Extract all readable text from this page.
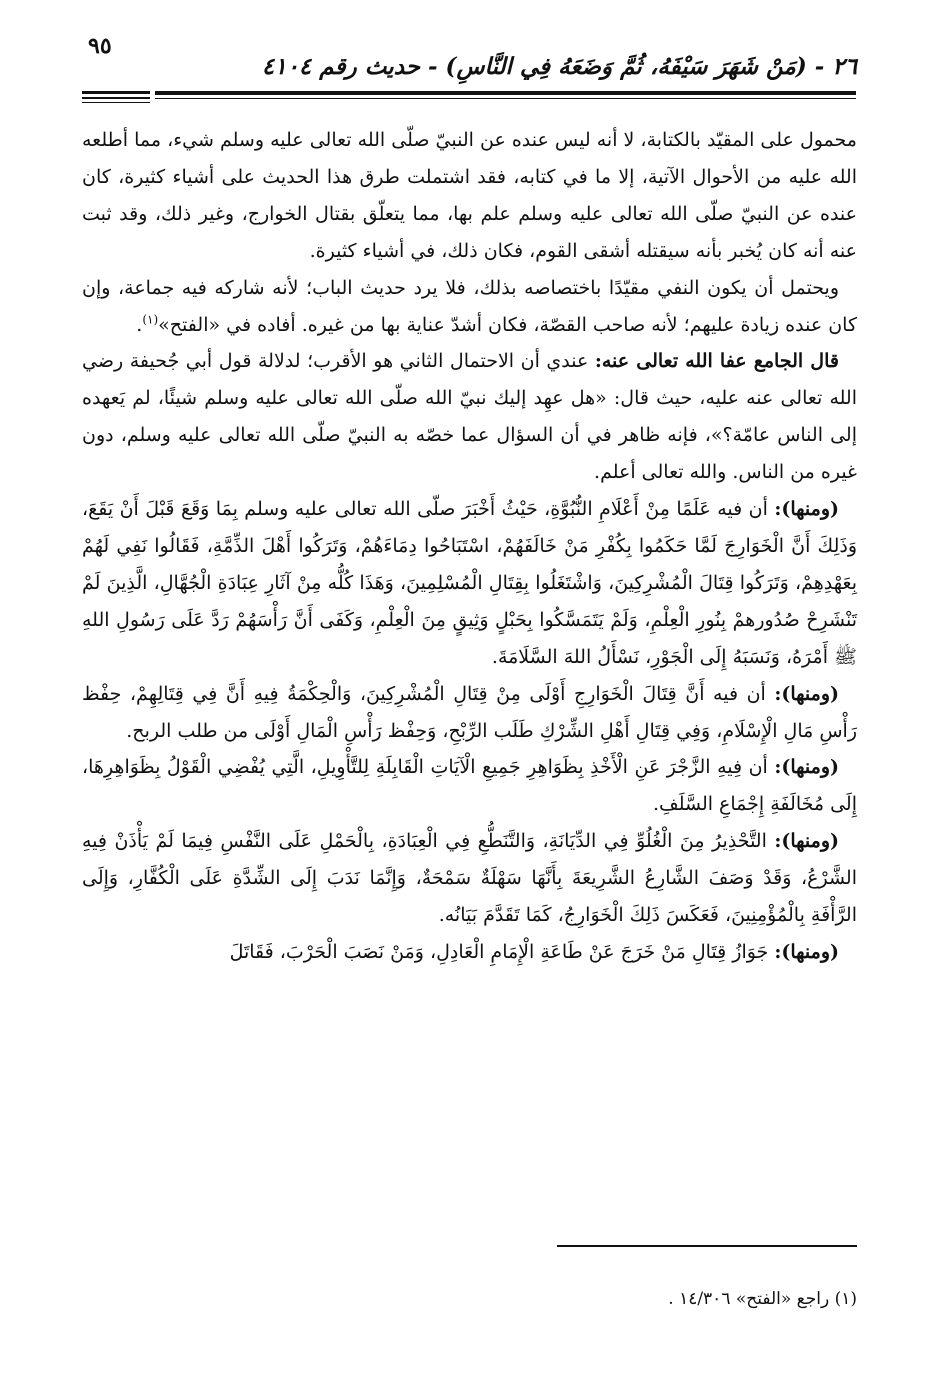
٢٦ - (مَنْ شَهَرَ سَيْفَهُ، ثُمَّ وَضَعَهُ فِي النَّاسِ) - حديث رقم ٤١٠٤
٩٥

محمول على المقيّد بالكتابة، لا أنه ليس عنده عن النبيّ صلّى الله تعالى عليه وسلم شيء، مما أطلعه الله عليه من الأحوال الآتية، إلا ما في كتابه، فقد اشتملت طرق هذا الحديث على أشياء كثيرة، كان عنده عن النبيّ صلّى الله تعالى عليه وسلم علم بها، مما يتعلّق بقتال الخوارج، وغير ذلك، وقد ثبت عنه أنه كان يُخبر بأنه سيقتله أشقى القوم، فكان ذلك، في أشياء كثيرة.

ويحتمل أن يكون النفي مقيّدًا باختصاصه بذلك، فلا يرد حديث الباب؛ لأنه شاركه فيه جماعة، وإن كان عنده زيادة عليهم؛ لأنه صاحب القصّة، فكان أشدّ عناية بها من غيره. أفاده في «الفتح»$^{(١)}$.

قال الجامع عفا الله تعالى عنه: عندي أن الاحتمال الثاني هو الأقرب؛ لدلالة قول أبي جُحيفة رضي الله تعالى عنه عليه، حيث قال: «هل عهِد إليك نبيّ الله صلّى الله تعالى عليه وسلم شيئًا، لم يَعهده إلى الناس عامّة؟»، فإنه ظاهر في أن السؤال عما خصّه به النبيّ صلّى الله تعالى عليه وسلم، دون غيره من الناس. والله تعالى أعلم.

(ومنها): أن فيه عَلَمًا مِنْ أَعْلَامِ النُّبُوَّةِ، حَيْثُ أَخْبَرَ صلّى الله تعالى عليه وسلم بِمَا وَقَعَ قَبْلَ أَنْ يَقَعَ، وَذَلِكَ أَنَّ الْخَوَارِجَ لَمَّا حَكَمُوا بِكُفْرِ مَنْ خَالَفَهُمْ، اسْتَبَاحُوا دِمَاءَهُمْ، وَتَرَكُوا أَهْلَ الذِّمَّةِ، فَقَالُوا نَفِي لَهُمْ بِعَهْدِهِمْ، وَتَرَكُوا قِتَالَ الْمُشْرِكِينَ، وَاشْتَغَلُوا بِقِتَالِ الْمُسْلِمِينَ، وَهَذَا كُلُّه مِنْ آثَارِ عِبَادَةِ الْجُهَّالِ، الَّذِينَ لَمْ تَنْشَرِحْ صُدُورهمْ بِنُورِ الْعِلْمِ، وَلَمْ يَتَمَسَّكُوا بِحَبْلٍ وَثِيقٍ مِنَ الْعِلْمِ، وَكَفَى أَنَّ رَأْسَهُمْ رَدَّ عَلَى رَسُولِ اللهِ ﷺ أَمْرَهُ، وَنَسَبَهُ إِلَى الْجَوْرِ، نَسْأَلُ اللهَ السَّلَامَةَ.

(ومنها): أن فيه أَنَّ قِتَالَ الْخَوَارِجِ أَوْلَى مِنْ قِتَالِ الْمُشْرِكِينَ، وَالْحِكْمَةُ فِيهِ أَنَّ فِي قِتَالِهِمْ، حِفْظ رَأْسِ مَالِ الْإِسْلَامِ، وَفِي قِتَالِ أَهْلِ الشِّرْكِ طَلَب الرِّبْحِ، وَحِفْظ رَأْسِ الْمَالِ أَوْلَى من طلب الربح.

(ومنها): أن فِيهِ الزَّجْرَ عَنِ الْأَخْذِ بِظَوَاهِرِ جَمِيعِ الْآيَاتِ الْقَابِلَةِ لِلتَّأْوِيلِ، الَّتِي يُفْضِي الْقَوْلُ بِظَوَاهِرِهَا، إِلَى مُخَالَفَةِ إِجْمَاعِ السَّلَفِ.

(ومنها): التَّحْذِيرُ مِنَ الْغُلُوِّ فِي الدِّيَانَةِ، وَالتَّنَطُّعِ فِي الْعِبَادَةِ، بِالْحَمْلِ عَلَى النَّفْسِ فِيمَا لَمْ يَأْذَنْ فِيهِ الشَّرْعُ، وَقَدْ وَصَفَ الشَّارِعُ الشَّرِيعَةَ بِأَنَّهَا سَهْلَةٌ سَمْحَةٌ، وَإِنَّمَا نَدَبَ إِلَى الشِّدَّةِ عَلَى الْكُفَّارِ، وَإِلَى الرَّأْفَةِ بِالْمُؤْمِنِينَ، فَعَكَسَ ذَلِكَ الْخَوَارِجُ، كَمَا تَقَدَّمَ بَيَانُه.

(ومنها): جَوَازُ قِتَالِ مَنْ خَرَجَ عَنْ طَاعَةِ الْإِمَامِ الْعَادِلِ، وَمَنْ نَصَبَ الْحَرْبَ، فَقَاتَلَ

(١) راجع «الفتح» ١٤/٣٠٦ .
